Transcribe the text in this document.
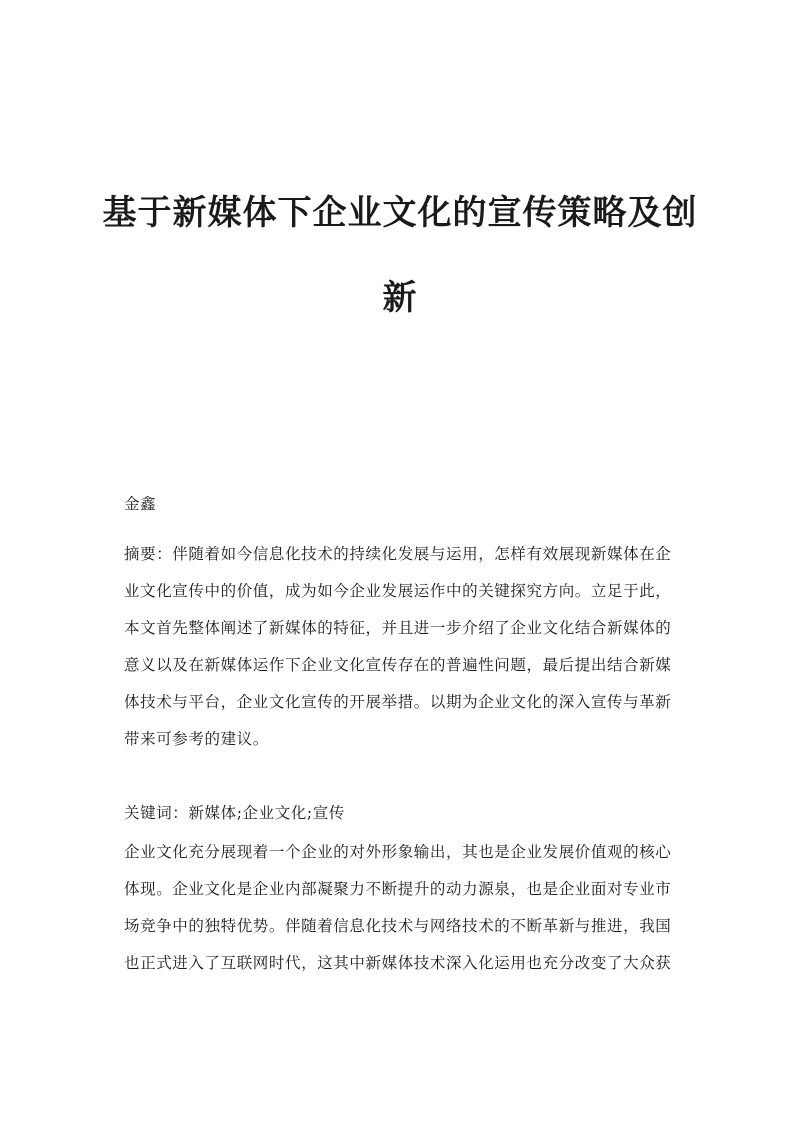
基于新媒体下企业文化的宣传策略及创
新

金鑫

摘要：伴随着如今信息化技术的持续化发展与运用，怎样有效展现新媒体在企
业文化宣传中的价值，成为如今企业发展运作中的关键探究方向。立足于此，
本文首先整体阐述了新媒体的特征，并且进一步介绍了企业文化结合新媒体的
意义以及在新媒体运作下企业文化宣传存在的普遍性问题，最后提出结合新媒
体技术与平台，企业文化宣传的开展举措。以期为企业文化的深入宣传与革新
带来可参考的建议。

关键词：新媒体;企业文化;宣传

企业文化充分展现着一个企业的对外形象输出，其也是企业发展价值观的核心
体现。企业文化是企业内部凝聚力不断提升的动力源泉，也是企业面对专业市
场竞争中的独特优势。伴随着信息化技术与网络技术的不断革新与推进，我国
也正式进入了互联网时代，这其中新媒体技术深入化运用也充分改变了大众获
